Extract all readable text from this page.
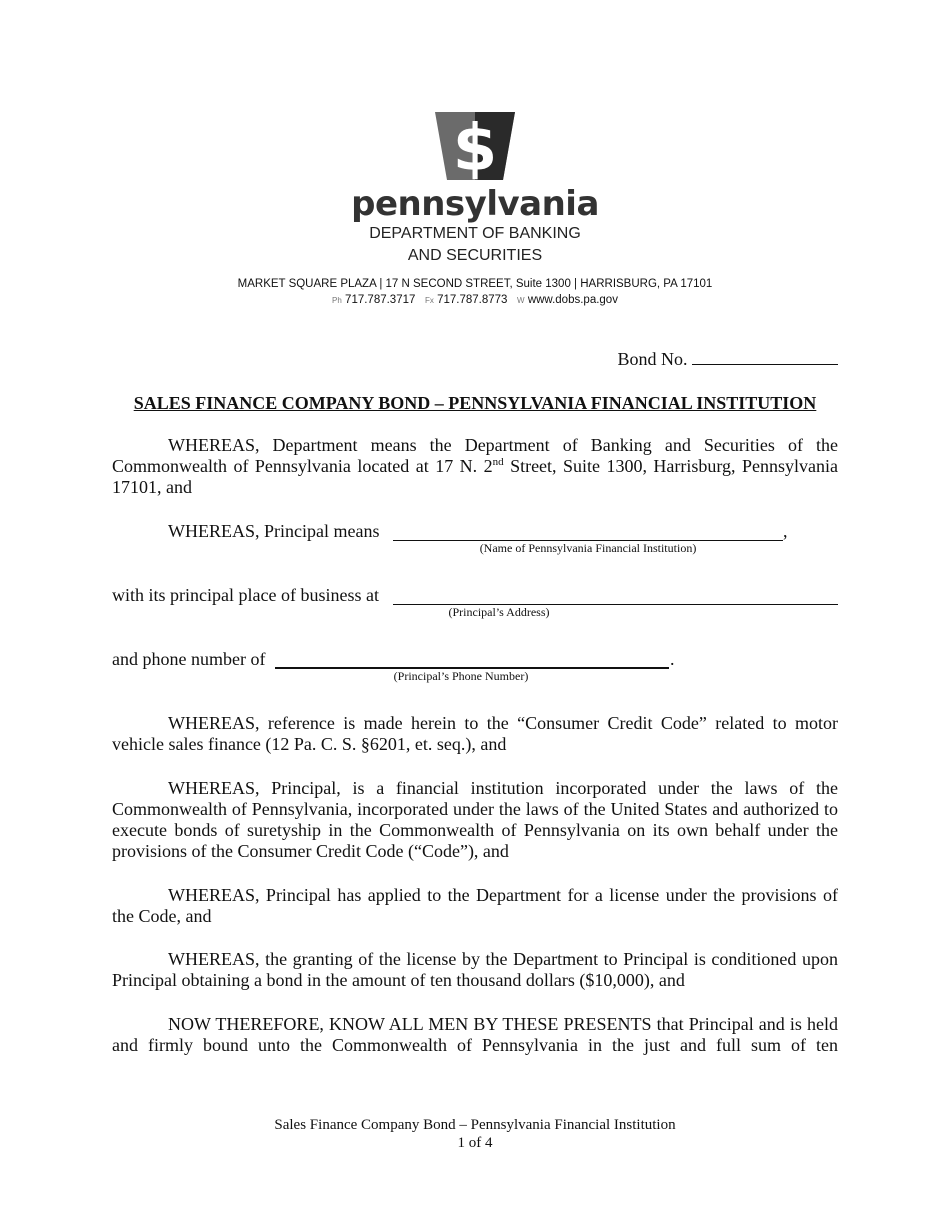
$
pennsylvania
DEPARTMENT OF BANKING
AND SECURITIES
MARKET SQUARE PLAZA | 17 N SECOND STREET, Suite 1300 | HARRISBURG, PA 17101
Ph 717.787.3717 Fx 717.787.8773 W www.dobs.pa.gov
Bond No.
SALES FINANCE COMPANY BOND – PENNSYLVANIA FINANCIAL INSTITUTION
WHEREAS, Department means the Department of Banking and Securities of the Commonwealth of Pennsylvania located at 17 N. 2nd Street, Suite 1300, Harrisburg, Pennsylvania 17101, and
WHEREAS, Principal means	,
(Name of Pennsylvania Financial Institution)
with its principal place of business at
(Principal’s Address)
and phone number of	.
(Principal’s Phone Number)
WHEREAS, reference is made herein to the “Consumer Credit Code” related to motor vehicle sales finance (12 Pa. C. S. §6201, et. seq.), and
WHEREAS, Principal, is a financial institution incorporated under the laws of the Commonwealth of Pennsylvania, incorporated under the laws of the United States and authorized to execute bonds of suretyship in the Commonwealth of Pennsylvania on its own behalf under the provisions of the Consumer Credit Code (“Code”), and
WHEREAS, Principal has applied to the Department for a license under the provisions of the Code, and
WHEREAS, the granting of the license by the Department to Principal is conditioned upon Principal obtaining a bond in the amount of ten thousand dollars ($10,000), and
NOW THEREFORE, KNOW ALL MEN BY THESE PRESENTS that Principal and is held and firmly bound unto the Commonwealth of Pennsylvania in the just and full sum of ten
Sales Finance Company Bond – Pennsylvania Financial Institution
1 of 4
